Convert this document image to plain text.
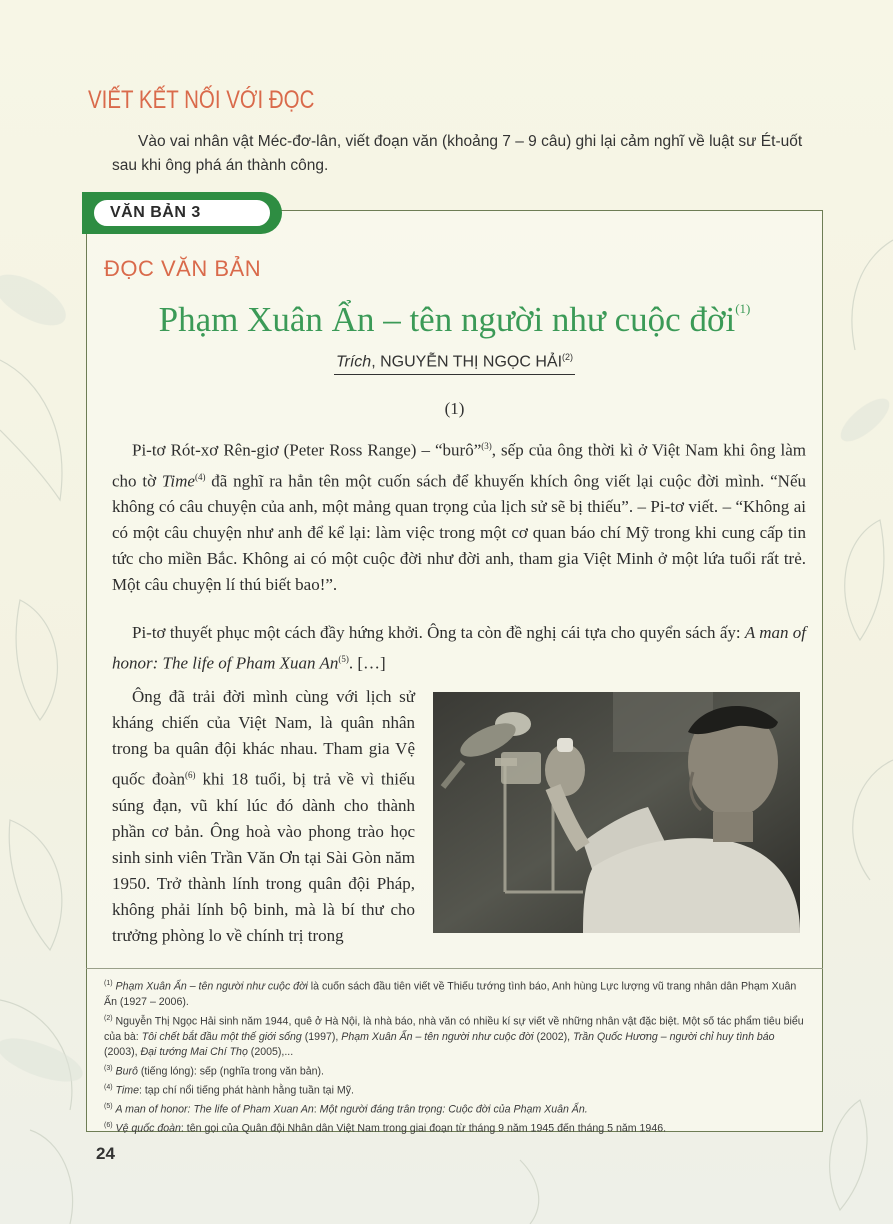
VIẾT KẾT NỐI VỚI ĐỌC
Vào vai nhân vật Méc-đơ-lân, viết đoạn văn (khoảng 7 – 9 câu) ghi lại cảm nghĩ về luật sư Ét-uốt sau khi ông phá án thành công.
VĂN BẢN 3
ĐỌC VĂN BẢN
Phạm Xuân Ẩn – tên người như cuộc đời$^{(1)}$
Trích, NGUYỄN THỊ NGỌC HẢI$^{(2)}$
(1)

Pi-tơ Rót-xơ Rên-giơ (Peter Ross Range) – “burô”$^{(3)}$, sếp của ông thời kì ở Việt Nam khi ông làm cho tờ Time$^{(4)}$ đã nghĩ ra hẳn tên một cuốn sách để khuyến khích ông viết lại cuộc đời mình. “Nếu không có câu chuyện của anh, một mảng quan trọng của lịch sử sẽ bị thiếu”. – Pi-tơ viết. – “Không ai có một câu chuyện như anh để kể lại: làm việc trong một cơ quan báo chí Mỹ trong khi cung cấp tin tức cho miền Bắc. Không ai có một cuộc đời như đời anh, tham gia Việt Minh ở một lứa tuổi rất trẻ. Một câu chuyện lí thú biết bao!”.

Pi-tơ thuyết phục một cách đầy hứng khởi. Ông ta còn đề nghị cái tựa cho quyển sách ấy: A man of honor: The life of Pham Xuan An$^{(5)}$. […]

Ông đã trải đời mình cùng với lịch sử kháng chiến của Việt Nam, là quân nhân trong ba quân đội khác nhau. Tham gia Vệ quốc đoàn$^{(6)}$ khi 18 tuổi, bị trả về vì thiếu súng đạn, vũ khí lúc đó dành cho thành phần cơ bản. Ông hoà vào phong trào học sinh sinh viên Trần Văn Ơn tại Sài Gòn năm 1950. Trở thành lính trong quân đội Pháp, không phải lính bộ binh, mà là bí thư cho trưởng phòng lo về chính trị trong

$^{(1)}$ Phạm Xuân Ẩn – tên người như cuộc đời là cuốn sách đầu tiên viết về Thiếu tướng tình báo, Anh hùng Lực lượng vũ trang nhân dân Phạm Xuân Ẩn (1927 – 2006).

$^{(2)}$ Nguyễn Thị Ngọc Hải sinh năm 1944, quê ở Hà Nội, là nhà báo, nhà văn có nhiều kí sự viết về những nhân vật đặc biệt. Một số tác phẩm tiêu biểu của bà: Tôi chết bắt đầu một thế giới sống (1997), Phạm Xuân Ẩn – tên người như cuộc đời (2002), Trần Quốc Hương – người chỉ huy tình báo (2003), Đại tướng Mai Chí Thọ (2005),...

$^{(3)}$ Burô (tiếng lóng): sếp (nghĩa trong văn bản).

$^{(4)}$ Time: tạp chí nổi tiếng phát hành hằng tuần tại Mỹ.

$^{(5)}$ A man of honor: The life of Pham Xuan An: Một người đáng trân trọng: Cuộc đời của Phạm Xuân Ẩn.

$^{(6)}$ Vệ quốc đoàn: tên gọi của Quân đội Nhân dân Việt Nam trong giai đoạn từ tháng 9 năm 1945 đến tháng 5 năm 1946.

24
